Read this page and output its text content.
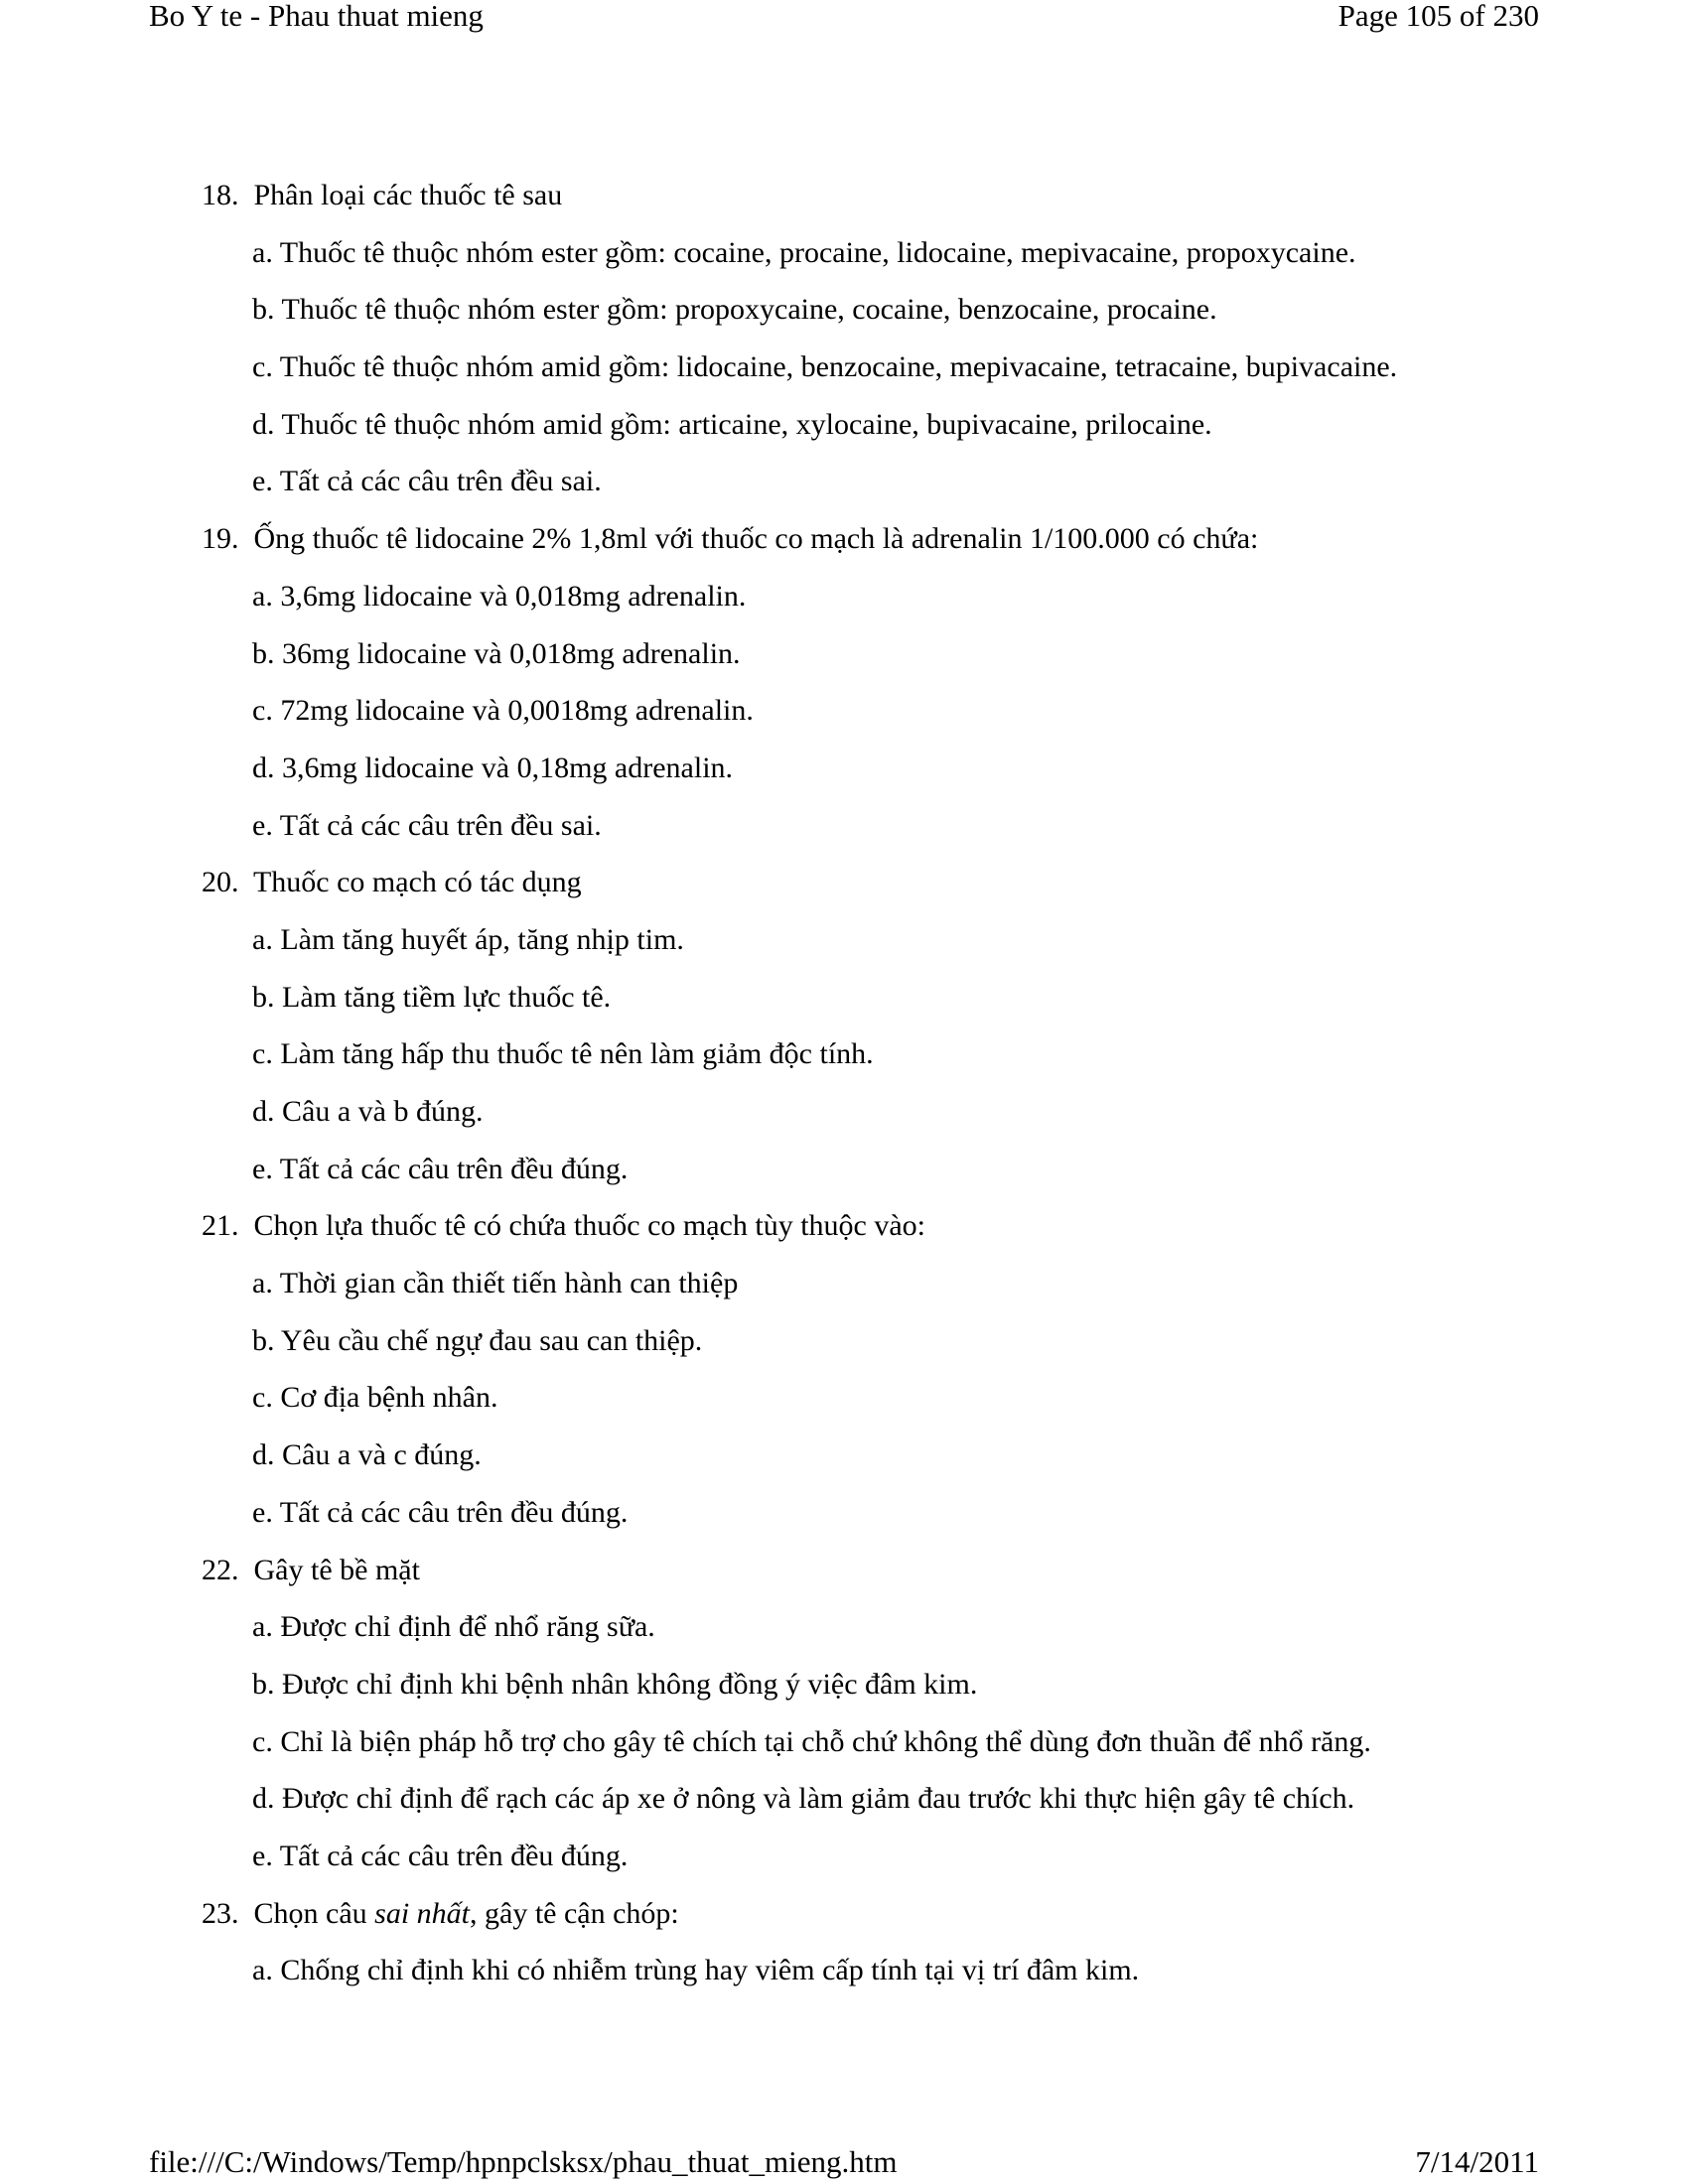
Bo Y te - Phau thuat mieng	Page 105 of 230
18.  Phân loại các thuốc tê sau
a. Thuốc tê thuộc nhóm ester gồm: cocaine, procaine, lidocaine, mepivacaine, propoxycaine.
b. Thuốc tê thuộc nhóm ester gồm: propoxycaine, cocaine, benzocaine, procaine.
c. Thuốc tê thuộc nhóm amid gồm: lidocaine, benzocaine, mepivacaine, tetracaine, bupivacaine.
d. Thuốc tê thuộc nhóm amid gồm: articaine, xylocaine, bupivacaine, prilocaine.
e. Tất cả các câu trên đều sai.
19.  Ống thuốc tê lidocaine 2% 1,8ml với thuốc co mạch là adrenalin 1/100.000 có chứa:
a. 3,6mg lidocaine và 0,018mg adrenalin.
b. 36mg lidocaine và 0,018mg adrenalin.
c. 72mg lidocaine và 0,0018mg adrenalin.
d. 3,6mg lidocaine và 0,18mg adrenalin.
e. Tất cả các câu trên đều sai.
20.  Thuốc co mạch có tác dụng
a. Làm tăng huyết áp, tăng nhịp tim.
b. Làm tăng tiềm lực thuốc tê.
c. Làm tăng hấp thu thuốc tê nên làm giảm độc tính.
d. Câu a và b đúng.
e. Tất cả các câu trên đều đúng.
21.  Chọn lựa thuốc tê có chứa thuốc co mạch tùy thuộc vào:
a. Thời gian cần thiết tiến hành can thiệp
b. Yêu cầu chế ngự đau sau can thiệp.
c. Cơ địa bệnh nhân.
d. Câu a và c đúng.
e. Tất cả các câu trên đều đúng.
22.  Gây tê bề mặt
a. Được chỉ định để nhổ răng sữa.
b. Được chỉ định khi bệnh nhân không đồng ý việc đâm kim.
c. Chỉ là biện pháp hỗ trợ cho gây tê chích tại chỗ chứ không thể dùng đơn thuần để nhổ răng.
d. Được chỉ định để rạch các áp xe ở nông và làm giảm đau trước khi thực hiện gây tê chích.
e. Tất cả các câu trên đều đúng.
23.  Chọn câu sai nhất, gây tê cận chóp:
a. Chống chỉ định khi có nhiễm trùng hay viêm cấp tính tại vị trí đâm kim.
file:///C:/Windows/Temp/hpnpclsksx/phau_thuat_mieng.htm	7/14/2011
